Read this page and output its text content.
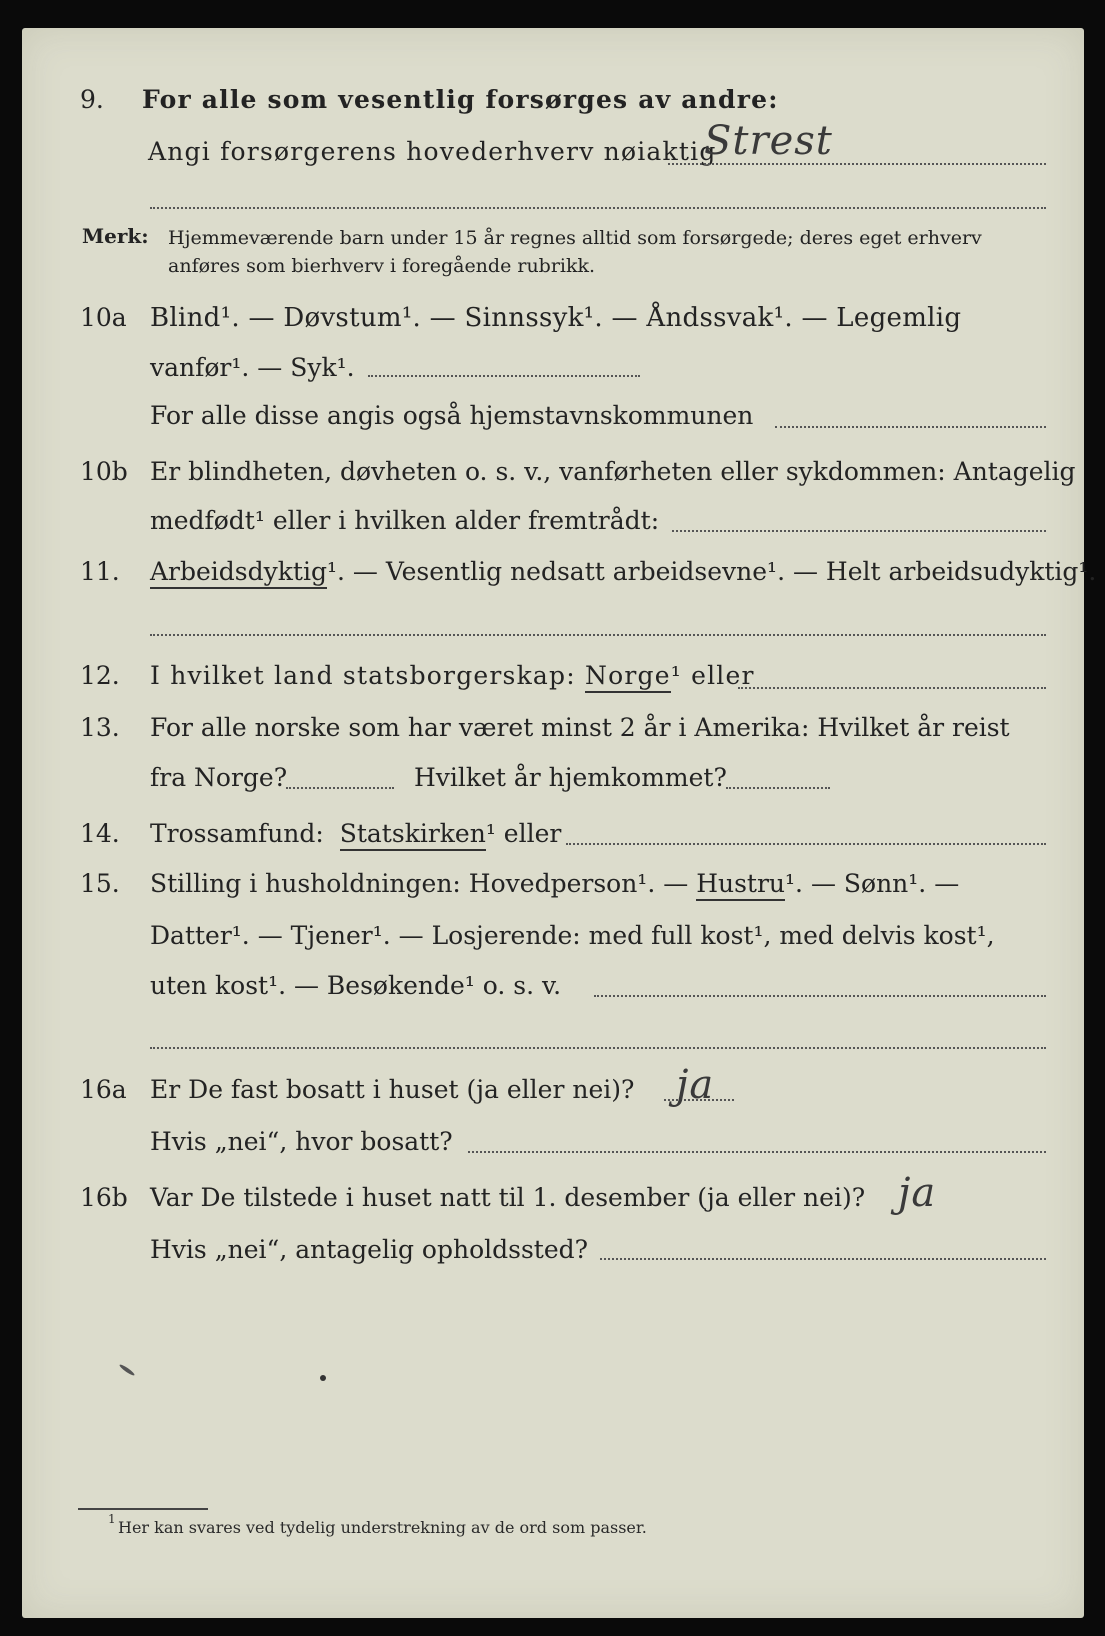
9. For alle som vesentlig forsørges av andre:
Angi forsørgerens hovederhverv nøiaktig
Strest
Merk: Hjemmeværende barn under 15 år regnes alltid som forsørgede; deres eget erhverv
anføres som bierhverv i foregående rubrikk.
10a Blind¹. — Døvstum¹. — Sinnssyk¹. — Åndssvak¹. — Legemlig
vanfør¹. — Syk¹.
For alle disse angis også hjemstavnskommunen
10b Er blindheten, døvheten o. s. v., vanførheten eller sykdommen: Antagelig
medfødt¹ eller i hvilken alder fremtrådt:
11. Arbeidsdyktig¹. — Vesentlig nedsatt arbeidsevne¹. — Helt arbeidsudyktig¹.
12. I hvilket land statsborgerskap: Norge¹ eller
13. For alle norske som har været minst 2 år i Amerika: Hvilket år reist
fra Norge?	Hvilket år hjemkommet?
14. Trossamfund: Statskirken¹ eller
15. Stilling i husholdningen: Hovedperson¹. — Hustru¹. — Sønn¹. —
Datter¹. — Tjener¹. — Losjerende: med full kost¹, med delvis kost¹,
uten kost¹. — Besøkende¹ o. s. v.
16a Er De fast bosatt i huset (ja eller nei)? ja
Hvis „nei“, hvor bosatt?
16b Var De tilstede i huset natt til 1. desember (ja eller nei)? ja
Hvis „nei“, antagelig opholdssted?
1 Her kan svares ved tydelig understrekning av de ord som passer.
